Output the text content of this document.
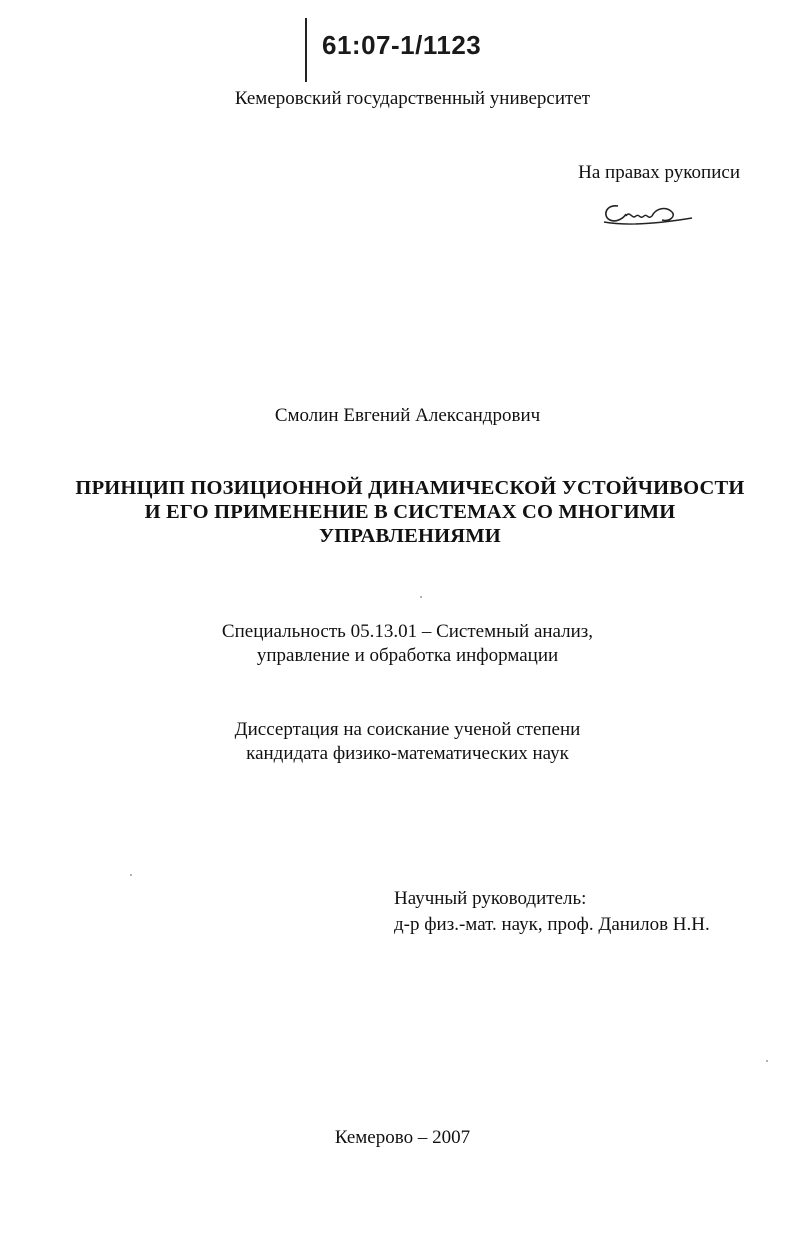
61:07-1/1123
Кемеровский государственный университет
На правах рукописи
Смолин Евгений Александрович
ПРИНЦИП ПОЗИЦИОННОЙ ДИНАМИЧЕСКОЙ УСТОЙЧИВОСТИ
И ЕГО ПРИМЕНЕНИЕ В СИСТЕМАХ СО МНОГИМИ
УПРАВЛЕНИЯМИ
Специальность 05.13.01 – Системный анализ,
управление и обработка информации
Диссертация на соискание ученой степени
кандидата физико-математических наук
Научный руководитель:
д-р физ.-мат. наук, проф. Данилов Н.Н.
Кемерово – 2007
